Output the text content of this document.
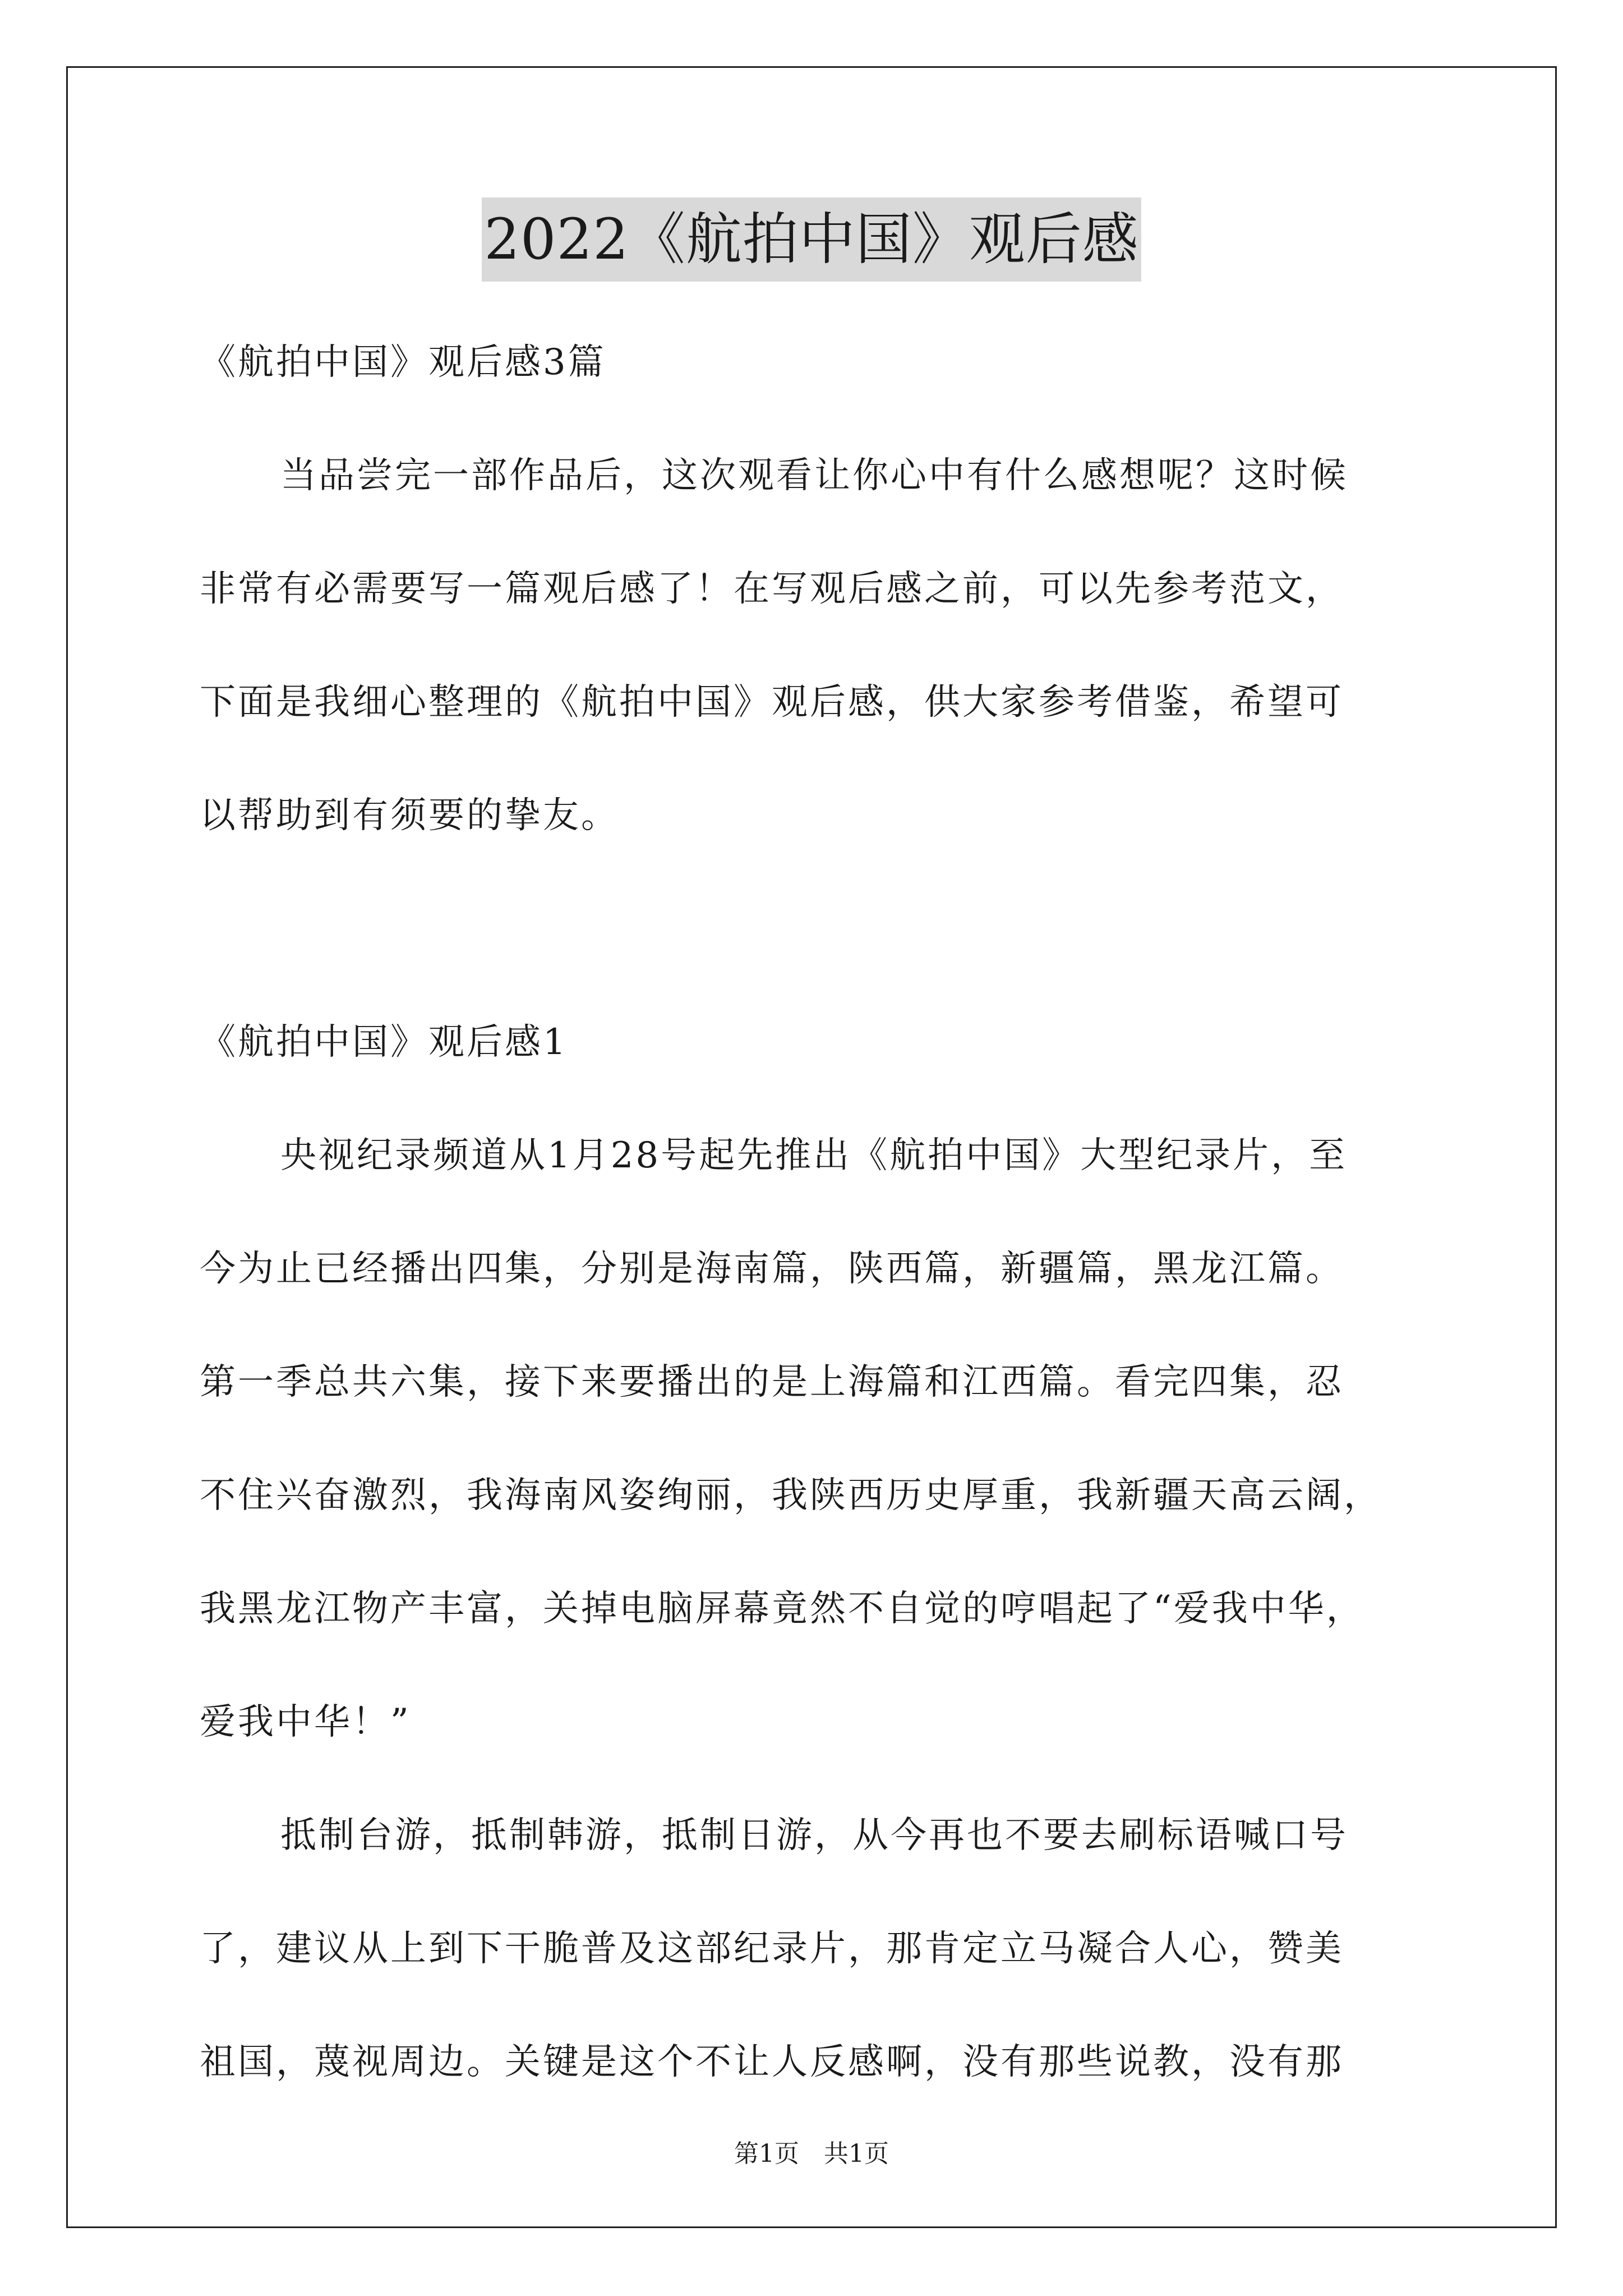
2022《航拍中国》观后感
《航拍中国》观后感3篇
当品尝完一部作品后，这次观看让你心中有什么感想呢？这时候
非常有必需要写一篇观后感了！在写观后感之前，可以先参考范文，
下面是我细心整理的《航拍中国》观后感，供大家参考借鉴，希望可
以帮助到有须要的挚友。
《航拍中国》观后感1
央视纪录频道从1月28号起先推出《航拍中国》大型纪录片，至
今为止已经播出四集，分别是海南篇，陕西篇，新疆篇，黑龙江篇。
第一季总共六集，接下来要播出的是上海篇和江西篇。看完四集，忍
不住兴奋激烈，我海南风姿绚丽，我陕西历史厚重，我新疆天高云阔，
我黑龙江物产丰富，关掉电脑屏幕竟然不自觉的哼唱起了“爱我中华，
爱我中华！”
抵制台游，抵制韩游，抵制日游，从今再也不要去刷标语喊口号
了，建议从上到下干脆普及这部纪录片，那肯定立马凝合人心，赞美
祖国，蔑视周边。关键是这个不让人反感啊，没有那些说教，没有那
第1页　共1页
